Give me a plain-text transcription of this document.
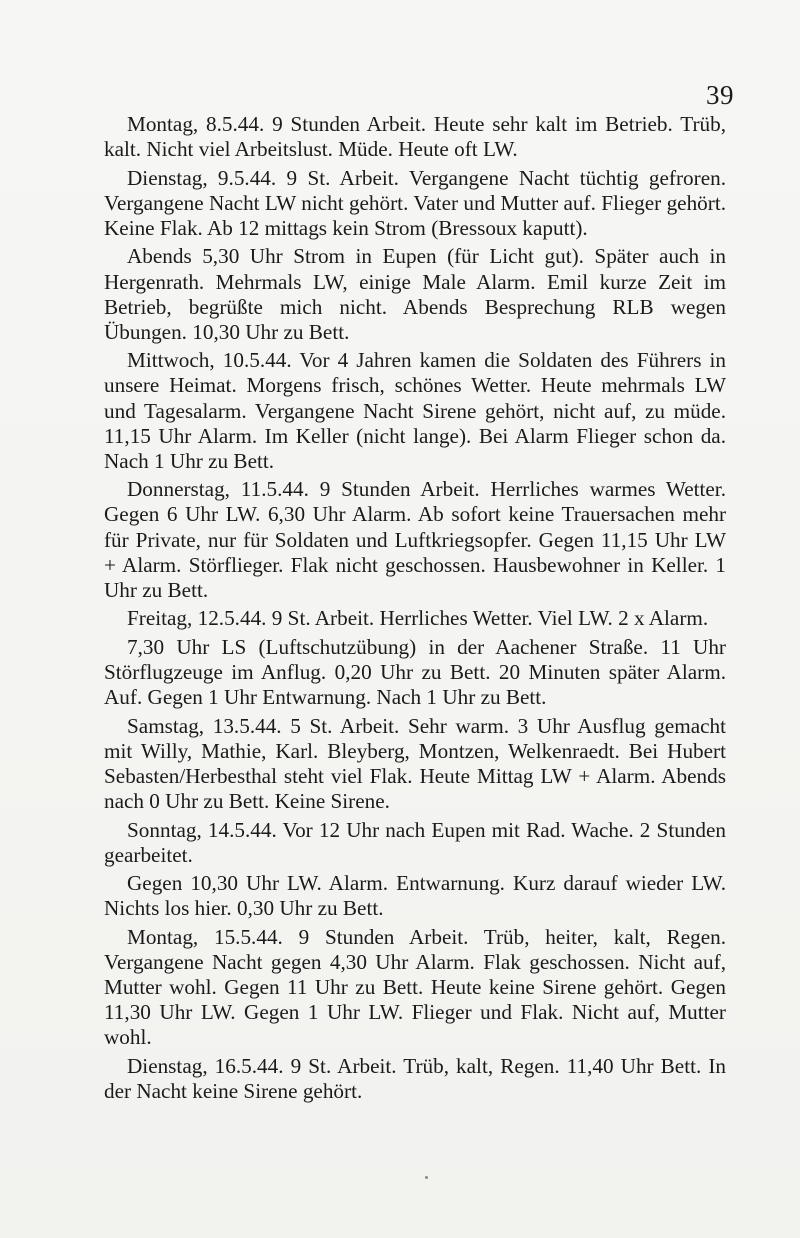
39

Montag, 8.5.44. 9 Stunden Arbeit. Heute sehr kalt im Betrieb. Trüb, kalt. Nicht viel Arbeitslust. Müde. Heute oft LW.

Dienstag, 9.5.44. 9 St. Arbeit. Vergangene Nacht tüchtig gefroren. Vergangene Nacht LW nicht gehört. Vater und Mutter auf. Flieger gehört. Keine Flak. Ab 12 mittags kein Strom (Bressoux kaputt).

Abends 5,30 Uhr Strom in Eupen (für Licht gut). Später auch in Hergenrath. Mehrmals LW, einige Male Alarm. Emil kurze Zeit im Betrieb, begrüßte mich nicht. Abends Besprechung RLB wegen Übungen. 10,30 Uhr zu Bett.

Mittwoch, 10.5.44. Vor 4 Jahren kamen die Soldaten des Führers in unsere Heimat. Morgens frisch, schönes Wetter. Heute mehrmals LW und Tagesalarm. Vergangene Nacht Sirene gehört, nicht auf, zu müde. 11,15 Uhr Alarm. Im Keller (nicht lange). Bei Alarm Flieger schon da. Nach 1 Uhr zu Bett.

Donnerstag, 11.5.44. 9 Stunden Arbeit. Herrliches warmes Wetter. Gegen 6 Uhr LW. 6,30 Uhr Alarm. Ab sofort keine Trauersachen mehr für Private, nur für Soldaten und Luftkriegsopfer. Gegen 11,15 Uhr LW + Alarm. Störflieger. Flak nicht geschossen. Hausbewohner in Keller. 1 Uhr zu Bett.

Freitag, 12.5.44. 9 St. Arbeit. Herrliches Wetter. Viel LW. 2 x Alarm.

7,30 Uhr LS (Luftschutzübung) in der Aachener Straße. 11 Uhr Störflugzeuge im Anflug. 0,20 Uhr zu Bett. 20 Minuten später Alarm. Auf. Gegen 1 Uhr Entwarnung. Nach 1 Uhr zu Bett.

Samstag, 13.5.44. 5 St. Arbeit. Sehr warm. 3 Uhr Ausflug gemacht mit Willy, Mathie, Karl. Bleyberg, Montzen, Welkenraedt. Bei Hubert Sebasten/Herbesthal steht viel Flak. Heute Mittag LW + Alarm. Abends nach 0 Uhr zu Bett. Keine Sirene.

Sonntag, 14.5.44. Vor 12 Uhr nach Eupen mit Rad. Wache. 2 Stunden gearbeitet.

Gegen 10,30 Uhr LW. Alarm. Entwarnung. Kurz darauf wieder LW. Nichts los hier. 0,30 Uhr zu Bett.

Montag, 15.5.44. 9 Stunden Arbeit. Trüb, heiter, kalt, Regen. Vergangene Nacht gegen 4,30 Uhr Alarm. Flak geschossen. Nicht auf, Mutter wohl. Gegen 11 Uhr zu Bett. Heute keine Sirene gehört. Gegen 11,30 Uhr LW. Gegen 1 Uhr LW. Flieger und Flak. Nicht auf, Mutter wohl.

Dienstag, 16.5.44. 9 St. Arbeit. Trüb, kalt, Regen. 11,40 Uhr Bett. In der Nacht keine Sirene gehört.
